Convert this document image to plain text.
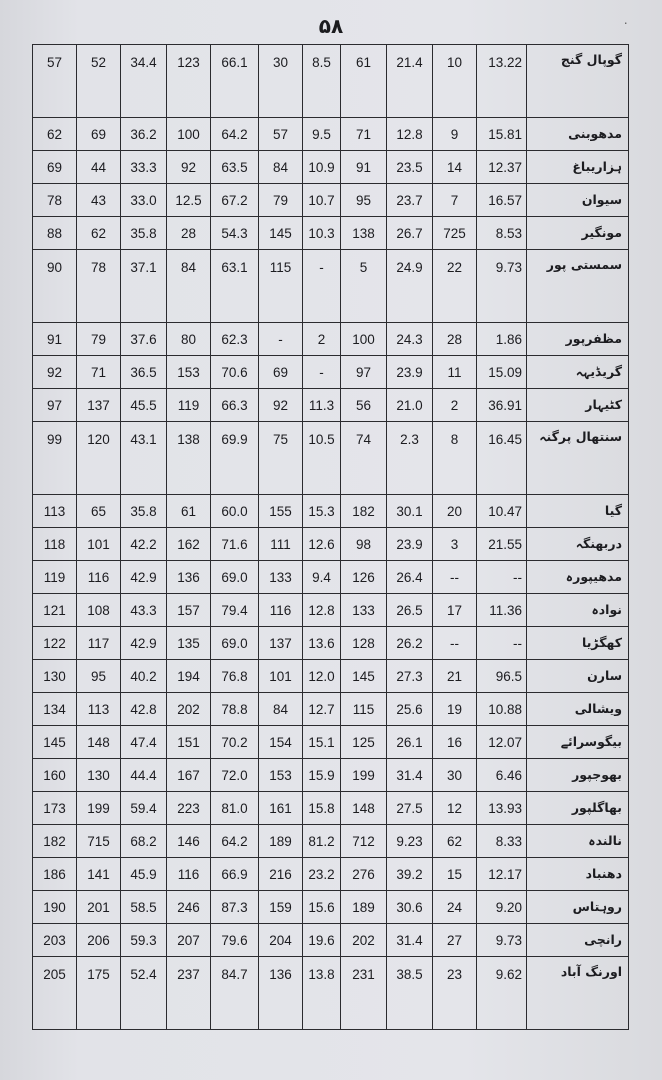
۵۸	·
57	52	34.4	123	66.1	30	8.5	61	21.4	10	13.22	گوپال گنج
62	69	36.2	100	64.2	57	9.5	71	12.8	9	15.81	مدھوبنی
69	44	33.3	92	63.5	84	10.9	91	23.5	14	12.37	ہزاریباغ
78	43	33.0	12.5	67.2	79	10.7	95	23.7	7	16.57	سیوان
88	62	35.8	28	54.3	145	10.3	138	26.7	725	8.53	مونگیر
90	78	37.1	84	63.1	115	-	5	24.9	22	9.73	سمستی پور
91	79	37.6	80	62.3	-	2	100	24.3	28	1.86	مظفرپور
92	71	36.5	153	70.6	69	-	97	23.9	11	15.09	گریڈیہہ
97	137	45.5	119	66.3	92	11.3	56	21.0	2	36.91	کٹیہار
99	120	43.1	138	69.9	75	10.5	74	2.3	8	16.45	سنتھال پرگنہ
113	65	35.8	61	60.0	155	15.3	182	30.1	20	10.47	گیا
118	101	42.2	162	71.6	111	12.6	98	23.9	3	21.55	دربھنگہ
119	116	42.9	136	69.0	133	9.4	126	26.4	--	--	مدھیپورہ
121	108	43.3	157	79.4	116	12.8	133	26.5	17	11.36	نوادہ
122	117	42.9	135	69.0	137	13.6	128	26.2	--	--	کھگڑیا
130	95	40.2	194	76.8	101	12.0	145	27.3	21	96.5	سارن
134	113	42.8	202	78.8	84	12.7	115	25.6	19	10.88	ویشالی
145	148	47.4	151	70.2	154	15.1	125	26.1	16	12.07	بیگوسرائے
160	130	44.4	167	72.0	153	15.9	199	31.4	30	6.46	بھوجپور
173	199	59.4	223	81.0	161	15.8	148	27.5	12	13.93	بھاگلپور
182	715	68.2	146	64.2	189	81.2	712	9.23	62	8.33	نالندہ
186	141	45.9	116	66.9	216	23.2	276	39.2	15	12.17	دھنباد
190	201	58.5	246	87.3	159	15.6	189	30.6	24	9.20	روہتاس
203	206	59.3	207	79.6	204	19.6	202	31.4	27	9.73	رانچی
205	175	52.4	237	84.7	136	13.8	231	38.5	23	9.62	اورنگ آباد
